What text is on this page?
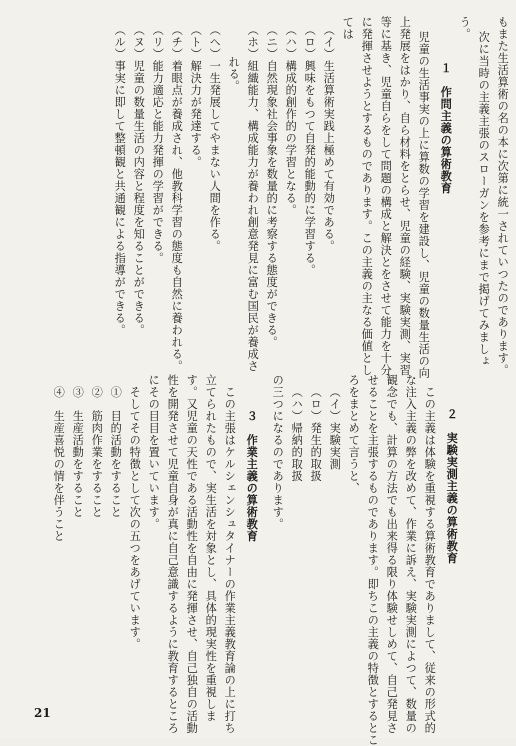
もまた生活算術の名の本に次第に統一されていつたのであります。
次に当時の主義主張のスローガンを参考にまで掲げてみましょ
う。
１　作問主義の算術教育
児童の生活事実の上に算数の学習を建設し、児童の数量生活の向
上発展をはかり、自ら材料をとらせ、児童の経験、実験実測、実習
等に基き、児童自らをして問題の構成と解決とをさせて能力を十分
に発揮させようとするものであります。この主義の主なる価値とし
ては
（イ）生活算術実践上極めて有効である。
（ロ）興味をもつて自発的能動的に学習する。
（ハ）構成的創作的の学習となる。
（ニ）自然現象社会事象を数量的に考察する態度ができる。
（ホ）組織能力、構成能力が養われ創意発見に富む国民が養成さ
れる。
（ヘ）一生発展してやまない人間を作る。
（ト）解決力が発達する。
（チ）着眼点が養成され、他教科学習の態度も自然に養われる。
（リ）能力適応と能力発揮の学習ができる。
（ヌ）児童の数量生活の内容と程度を知ることができる。
（ル）事実に即して整頓観と共通観による指導ができる。
２　実験実測主義の算術教育
この主義は体験を重視する算術教育でありまして、従来の形式的
な注入主義の弊を改めて、作業に訴え、実験実測によつて、数量の
観念でも、計算の方法でも出来得る限り体験せしめて、自己発見さ
せることを主張するものであります。即ちこの主義の特徴とするとこ
ろをまとめて言うと、
（イ）実験実測
（ロ）発生的取扱
（ハ）帰納的取扱
の三つになるのであります。
３　作業主義の算術教育
この主張はケルシェンシュタイナーの作業主義教育論の上に打ち
立てられたもので、実生活を対象とし、具体的現実性を重視しま
す。又児童の天性である活動性を自由に発揮させ、自己独自の活動
性を開発させて児童自身が真に自己意識するように教育するところ
にその目目を置いています。
そしてその特徴として次の五つをあげています。
①　目的活動をすること
②　筋肉作業をすること
③　生産活動をすること
④　生産喜悦の情を伴うこと
21
